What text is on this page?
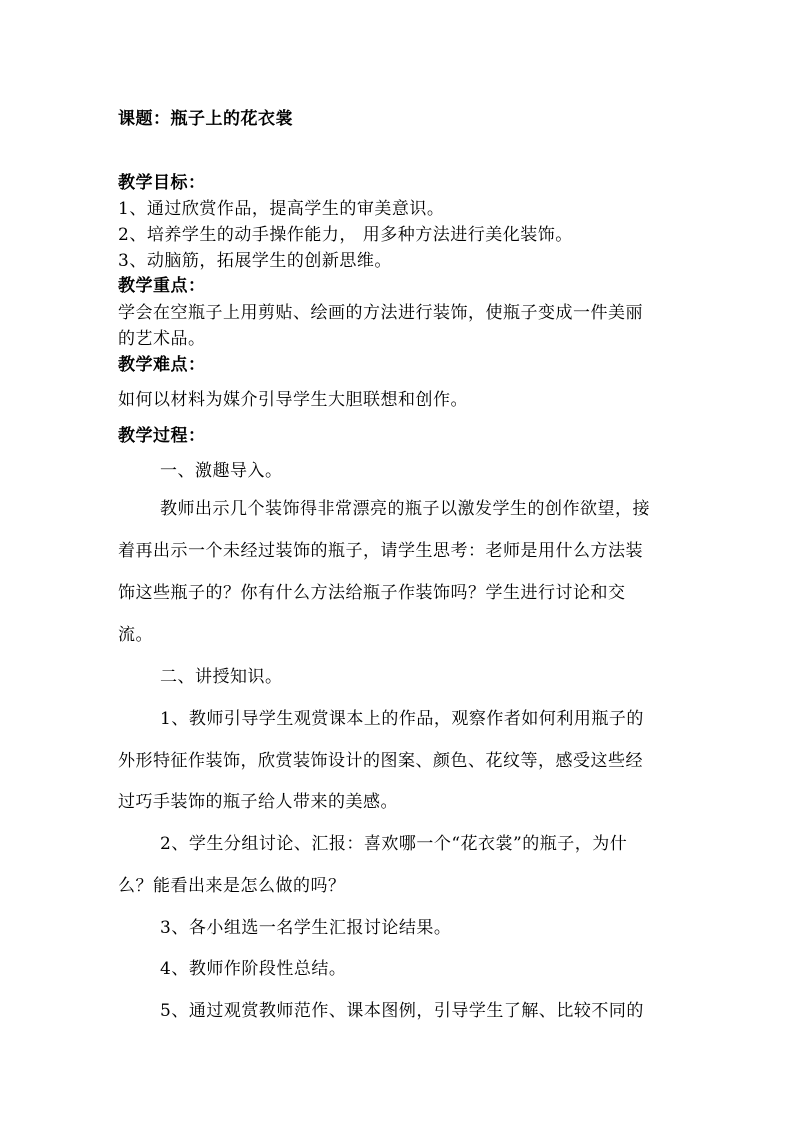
课题：瓶子上的花衣裳
教学目标：
1、通过欣赏作品，提高学生的审美意识。
2、培养学生的动手操作能力， 用多种方法进行美化装饰。
3、动脑筋，拓展学生的创新思维。
教学重点：
学会在空瓶子上用剪贴、绘画的方法进行装饰，使瓶子变成一件美丽
的艺术品。
教学难点：
如何以材料为媒介引导学生大胆联想和创作。
教学过程：
一、激趣导入。
教师出示几个装饰得非常漂亮的瓶子以激发学生的创作欲望，接
着再出示一个未经过装饰的瓶子，请学生思考：老师是用什么方法装
饰这些瓶子的？你有什么方法给瓶子作装饰吗？学生进行讨论和交
流。
二、讲授知识。
1、教师引导学生观赏课本上的作品，观察作者如何利用瓶子的
外形特征作装饰，欣赏装饰设计的图案、颜色、花纹等，感受这些经
过巧手装饰的瓶子给人带来的美感。
2、学生分组讨论、汇报：喜欢哪一个“花衣裳”的瓶子，为什
么？能看出来是怎么做的吗？
3、各小组选一名学生汇报讨论结果。
4、教师作阶段性总结。
5、通过观赏教师范作、课本图例，引导学生了解、比较不同的
